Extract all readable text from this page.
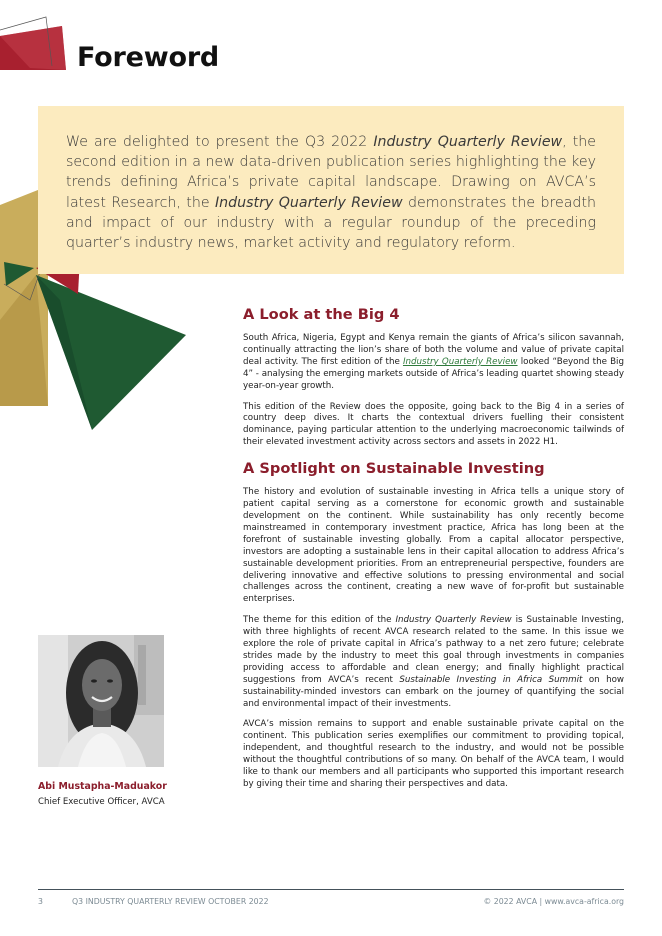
Foreword

We are delighted to present the Q3 2022 Industry Quarterly Review, the second edition in a new data-driven publication series highlighting the key trends defining Africa’s private capital landscape. Drawing on AVCA’s latest Research, the Industry Quarterly Review demonstrates the breadth and impact of our industry with a regular roundup of the preceding quarter’s industry news, market activity and regulatory reform.

A Look at the Big 4

South Africa, Nigeria, Egypt and Kenya remain the giants of Africa’s silicon savannah, continually attracting the lion’s share of both the volume and value of private capital deal activity. The first edition of the Industry Quarterly Review looked “Beyond the Big 4” - analysing the emerging markets outside of Africa’s leading quartet showing steady year-on-year growth.

This edition of the Review does the opposite, going back to the Big 4 in a series of country deep dives. It charts the contextual drivers fuelling their consistent dominance, paying particular attention to the underlying macroeconomic tailwinds of their elevated investment activity across sectors and assets in 2022 H1.

A Spotlight on Sustainable Investing

The history and evolution of sustainable investing in Africa tells a unique story of patient capital serving as a cornerstone for economic growth and sustainable development on the continent. While sustainability has only recently become mainstreamed in contemporary investment practice, Africa has long been at the forefront of sustainable investing globally. From a capital allocator perspective, investors are adopting a sustainable lens in their capital allocation to address Africa’s sustainable development priorities. From an entrepreneurial perspective, founders are delivering innovative and effective solutions to pressing environmental and social challenges across the continent, creating a new wave of for-profit but sustainable enterprises.

The theme for this edition of the Industry Quarterly Review is Sustainable Investing, with three highlights of recent AVCA research related to the same. In this issue we explore the role of private capital in Africa’s pathway to a net zero future; celebrate strides made by the industry to meet this goal through investments in companies providing access to affordable and clean energy; and finally highlight practical suggestions from AVCA’s recent Sustainable Investing in Africa Summit on how sustainability-minded investors can embark on the journey of quantifying the social and environmental impact of their investments.

AVCA’s mission remains to support and enable sustainable private capital on the continent. This publication series exemplifies our commitment to providing topical, independent, and thoughtful research to the industry, and would not be possible without the thoughtful contributions of so many. On behalf of the AVCA team, I would like to thank our members and all participants who supported this important research by giving their time and sharing their perspectives and data.

Abi Mustapha-Maduakor
Chief Executive Officer, AVCA
3	Q3 INDUSTRY QUARTERLY REVIEW OCTOBER 2022	© 2022 AVCA | www.avca-africa.org
